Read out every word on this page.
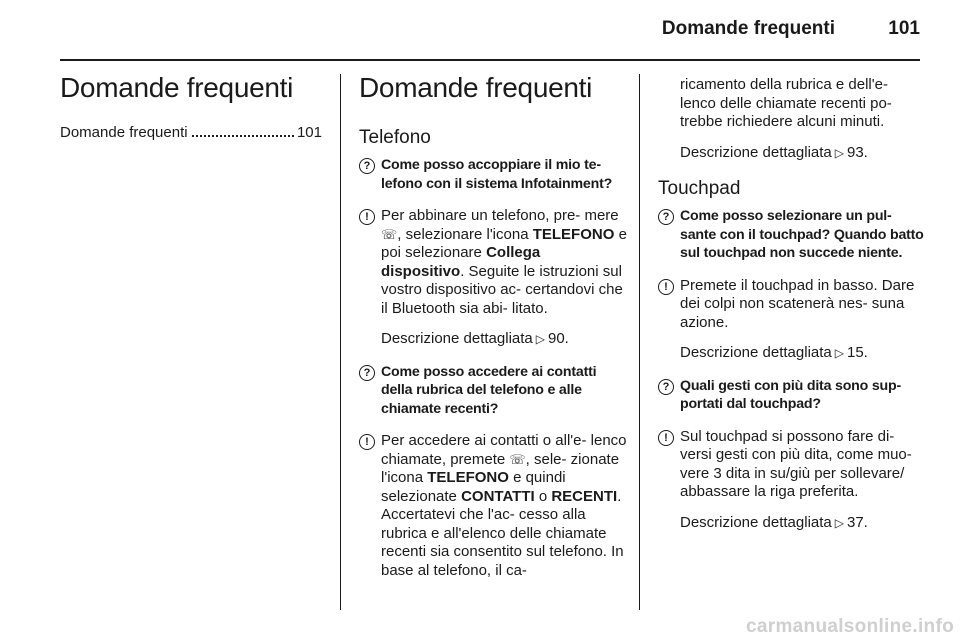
Domande frequenti	101
Domande frequenti
Domande frequenti	101
Domande frequenti
Telefono
? Come posso accoppiare il mio te- lefono con il sistema Infotainment?
! Per abbinare un telefono, pre- mere ☏, selezionare l'icona TELEFONO e poi selezionare Collega dispositivo. Seguite le istruzioni sul vostro dispositivo ac- certandovi che il Bluetooth sia abi- litato.
Descrizione dettagliata ▷ 90.
? Come posso accedere ai contatti della rubrica del telefono e alle chiamate recenti?
! Per accedere ai contatti o all'e- lenco chiamate, premete ☏, sele- zionate l'icona TELEFONO e quindi selezionate CONTATTI o RECENTI. Accertatevi che l'ac- cesso alla rubrica e all'elenco delle chiamate recenti sia consentito sul telefono. In base al telefono, il ca-
ricamento della rubrica e dell'e- lenco delle chiamate recenti po- trebbe richiedere alcuni minuti.
Descrizione dettagliata ▷ 93.
Touchpad
? Come posso selezionare un pul- sante con il touchpad? Quando batto sul touchpad non succede niente.
! Premete il touchpad in basso. Dare dei colpi non scatenerà nes- suna azione.
Descrizione dettagliata ▷ 15.
? Quali gesti con più dita sono sup- portati dal touchpad?
! Sul touchpad si possono fare di- versi gesti con più dita, come muo- vere 3 dita in su/giù per sollevare/ abbassare la riga preferita.
Descrizione dettagliata ▷ 37.
carmanualsonline.info
